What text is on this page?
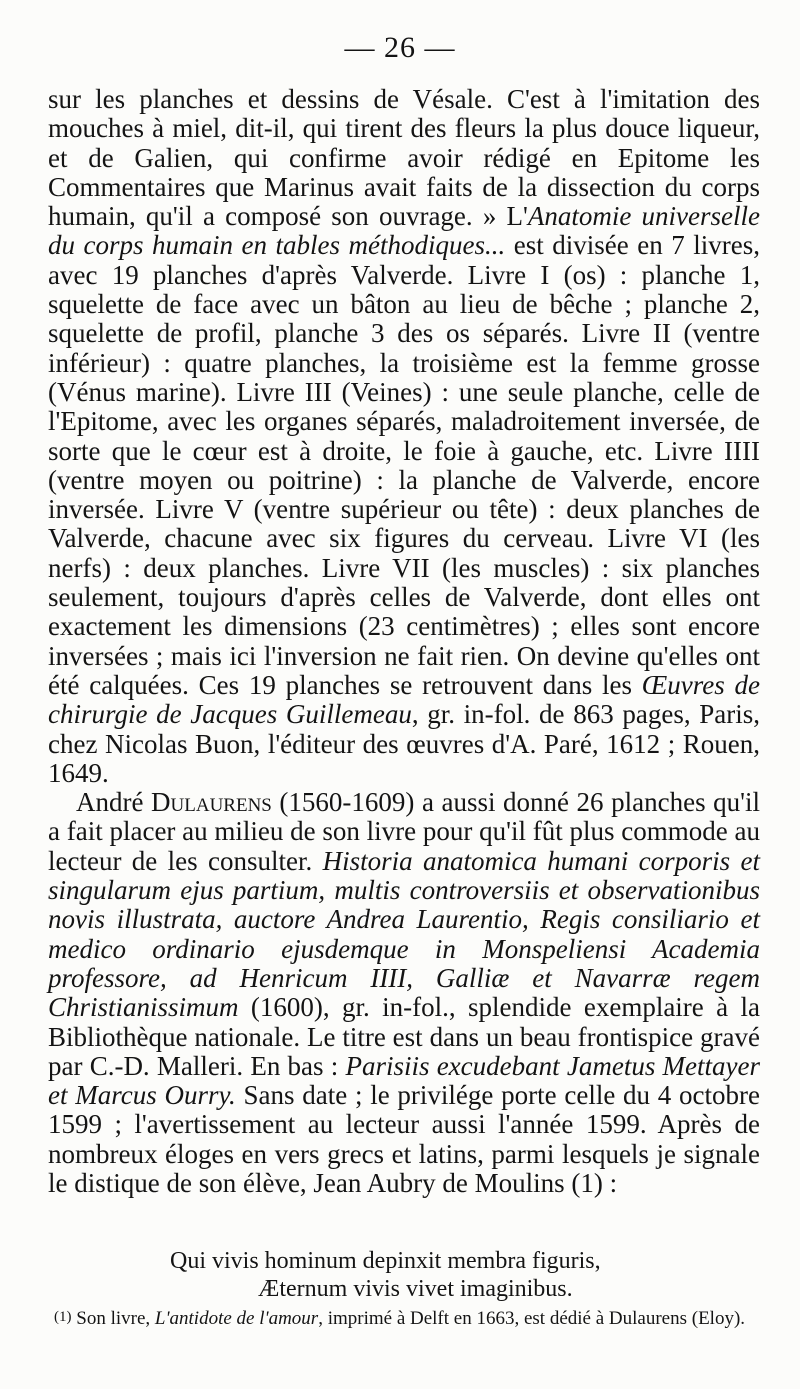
— 26 —

sur les planches et dessins de Vésale. C'est à l'imitation des mouches à miel, dit-il, qui tirent des fleurs la plus douce liqueur, et de Galien, qui confirme avoir rédigé en Epitome les Commentaires que Marinus avait faits de la dissection du corps humain, qu'il a composé son ouvrage. » L'Anatomie universelle du corps humain en tables méthodiques... est divisée en 7 livres, avec 19 planches d'après Valverde. Livre I (os) : planche 1, squelette de face avec un bâton au lieu de bêche ; planche 2, squelette de profil, planche 3 des os séparés. Livre II (ventre inférieur) : quatre planches, la troisième est la femme grosse (Vénus marine). Livre III (Veines) : une seule planche, celle de l'Epitome, avec les organes séparés, maladroitement inversée, de sorte que le cœur est à droite, le foie à gauche, etc. Livre IIII (ventre moyen ou poitrine) : la planche de Valverde, encore inversée. Livre V (ventre supérieur ou tête) : deux planches de Valverde, chacune avec six figures du cerveau. Livre VI (les nerfs) : deux planches. Livre VII (les muscles) : six planches seulement, toujours d'après celles de Valverde, dont elles ont exactement les dimensions (23 centimètres) ; elles sont encore inversées ; mais ici l'inversion ne fait rien. On devine qu'elles ont été calquées. Ces 19 planches se retrouvent dans les Œuvres de chirurgie de Jacques Guillemeau, gr. in-fol. de 863 pages, Paris, chez Nicolas Buon, l'éditeur des œuvres d'A. Paré, 1612 ; Rouen, 1649.

André Dulaurens (1560-1609) a aussi donné 26 planches qu'il a fait placer au milieu de son livre pour qu'il fût plus commode au lecteur de les consulter. Historia anatomica humani corporis et singularum ejus partium, multis controversiis et observationibus novis illustrata, auctore Andrea Laurentio, Regis consiliario et medico ordinario ejusdemque in Monspeliensi Academia professore, ad Henricum IIII, Galliæ et Navarræ regem Christianissimum (1600), gr. in-fol., splendide exemplaire à la Bibliothèque nationale. Le titre est dans un beau frontispice gravé par C.-D. Malleri. En bas : Parisiis excudebant Jametus Mettayer et Marcus Ourry. Sans date ; le privilége porte celle du 4 octobre 1599 ; l'avertissement au lecteur aussi l'année 1599. Après de nombreux éloges en vers grecs et latins, parmi lesquels je signale le distique de son élève, Jean Aubry de Moulins (1) :

Qui vivis hominum depinxit membra figuris,
Æternum vivis vivet imaginibus.
(1) Son livre, L'antidote de l'amour, imprimé à Delft en 1663, est dédié à Dulaurens (Eloy).
